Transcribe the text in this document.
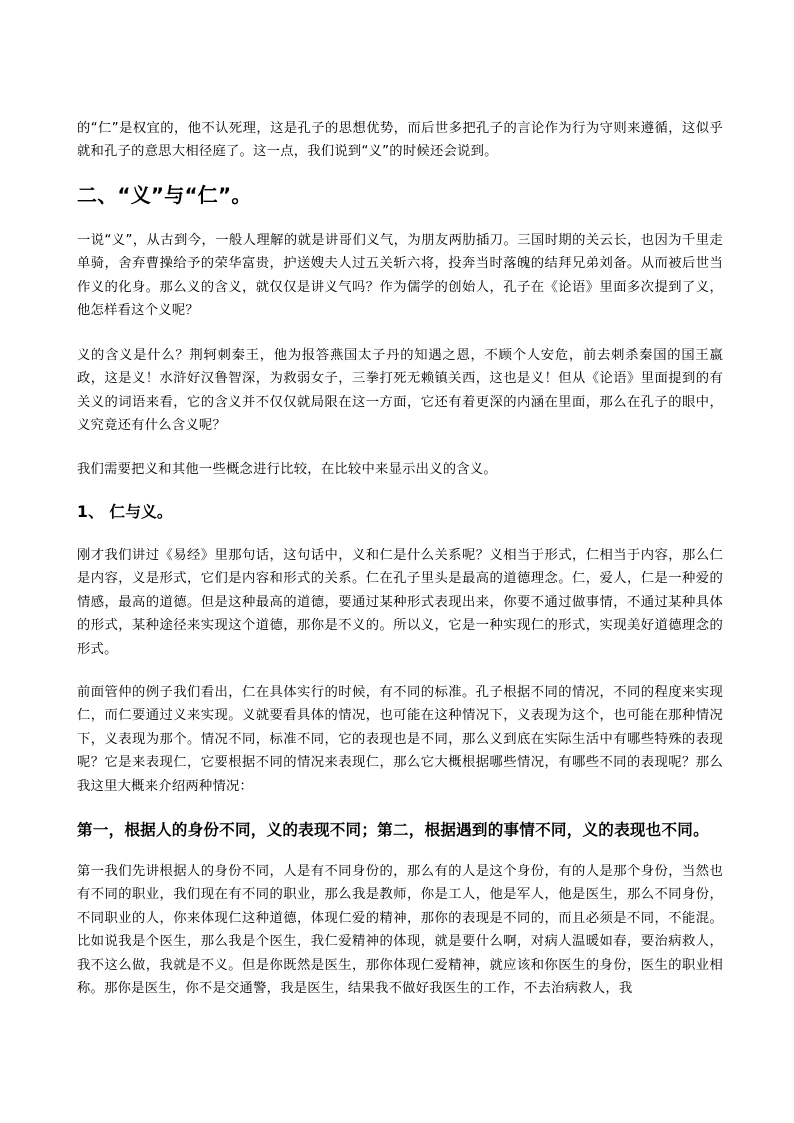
的“仁”是权宜的，他不认死理，这是孔子的思想优势，而后世多把孔子的言论作为行为守则来遵循，这似乎就和孔子的意思大相径庭了。这一点，我们说到“义”的时候还会说到。

二、“义”与“仁”。

一说“义”，从古到今，一般人理解的就是讲哥们义气，为朋友两肋插刀。三国时期的关云长，也因为千里走单骑，舍弃曹操给予的荣华富贵，护送嫂夫人过五关斩六将，投奔当时落魄的结拜兄弟刘备。从而被后世当作义的化身。那么义的含义，就仅仅是讲义气吗？作为儒学的创始人，孔子在《论语》里面多次提到了义，他怎样看这个义呢？

义的含义是什么？荆轲刺秦王，他为报答燕国太子丹的知遇之恩，不顾个人安危，前去刺杀秦国的国王嬴政，这是义！水浒好汉鲁智深，为救弱女子，三拳打死无赖镇关西，这也是义！但从《论语》里面提到的有关义的词语来看，它的含义并不仅仅就局限在这一方面，它还有着更深的内涵在里面，那么在孔子的眼中，义究竟还有什么含义呢？

我们需要把义和其他一些概念进行比较，在比较中来显示出义的含义。

1、 仁与义。

刚才我们讲过《易经》里那句话，这句话中，义和仁是什么关系呢？义相当于形式，仁相当于内容，那么仁是内容，义是形式，它们是内容和形式的关系。仁在孔子里头是最高的道德理念。仁，爱人，仁是一种爱的情感，最高的道德。但是这种最高的道德，要通过某种形式表现出来，你要不通过做事情，不通过某种具体的形式，某种途径来实现这个道德，那你是不义的。所以义，它是一种实现仁的形式，实现美好道德理念的形式。

前面管仲的例子我们看出，仁在具体实行的时候，有不同的标准。孔子根据不同的情况，不同的程度来实现仁，而仁要通过义来实现。义就要看具体的情况，也可能在这种情况下，义表现为这个，也可能在那种情况下，义表现为那个。情况不同，标准不同，它的表现也是不同，那么义到底在实际生活中有哪些特殊的表现呢？它是来表现仁，它要根据不同的情况来表现仁，那么它大概根据哪些情况，有哪些不同的表现呢？那么我这里大概来介绍两种情况：

第一，根据人的身份不同，义的表现不同；第二，根据遇到的事情不同，义的表现也不同。

第一我们先讲根据人的身份不同，人是有不同身份的，那么有的人是这个身份，有的人是那个身份，当然也有不同的职业，我们现在有不同的职业，那么我是教师，你是工人，他是军人，他是医生，那么不同身份，不同职业的人，你来体现仁这种道德，体现仁爱的精神，那你的表现是不同的，而且必须是不同，不能混。比如说我是个医生，那么我是个医生，我仁爱精神的体现，就是要什么啊，对病人温暖如春，要治病救人，我不这么做，我就是不义。但是你既然是医生，那你体现仁爱精神，就应该和你医生的身份，医生的职业相称。那你是医生，你不是交通警，我是医生，结果我不做好我医生的工作，不去治病救人，我
